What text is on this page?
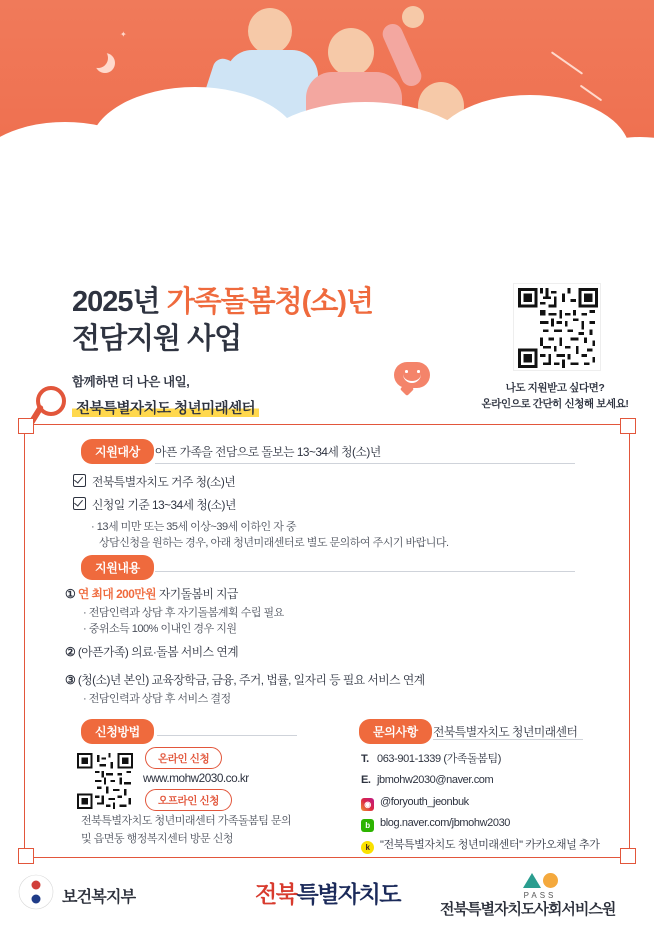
✦
2025년 가족돌봄청(소)년
전담지원 사업
함께하면 더 나은 내일,
전북특별자치도 청년미래센터
나도 지원받고 싶다면?
온라인으로 간단히 신청해 보세요!
지원대상	아픈 가족을 전담으로 돌보는 13~34세 청(소)년
전북특별자치도 거주 청(소)년
신청일 기준 13~34세 청(소)년
· 13세 미만 또는 35세 이상~39세 이하인 자 중
상담신청을 원하는 경우, 아래 청년미래센터로 별도 문의하여 주시기 바랍니다.
지원내용
① 연 최대 200만원 자기돌봄비 지급
· 전담인력과 상담 후 자기돌봄계획 수립 필요
· 중위소득 100% 이내인 경우 지원
② (아픈가족) 의료·돌봄 서비스 연계
③ (청(소)년 본인) 교육장학금, 금융, 주거, 법률, 일자리 등 필요 서비스 연계
· 전담인력과 상담 후 서비스 결정
신청방법
온라인 신청
www.mohw2030.co.kr
오프라인 신청
전북특별자치도 청년미래센터 가족돌봄팀 문의
및 읍면동 행정복지센터 방문 신청
문의사항	전북특별자치도 청년미래센터
T. 063-901-1339 (가족돌봄팀)
E. jbmohw2030@naver.com
◉ @foryouth_jeonbuk
b blog.naver.com/jbmohw2030
k "전북특별자치도 청년미래센터" 카카오채널 추가
보건복지부	전북특별자치도	PASS
전북특별자치도사회서비스원
